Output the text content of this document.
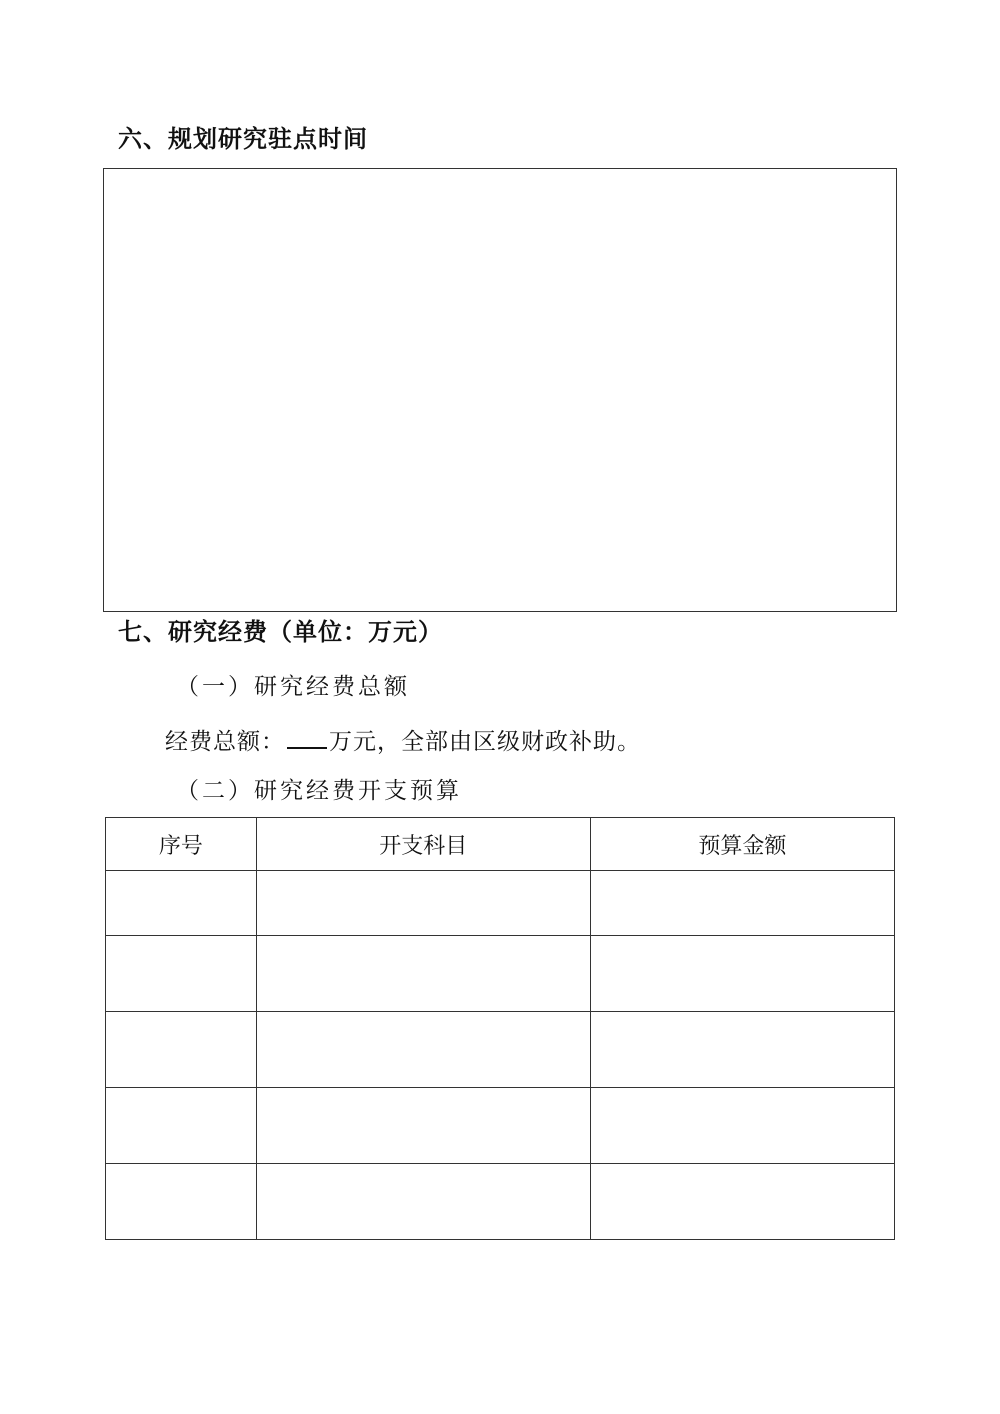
六、规划研究驻点时间
七、研究经费（单位：万元）
（一）研究经费总额
经费总额： 万元，全部由区级财政补助。
（二）研究经费开支预算
序号	开支科目	预算金额
